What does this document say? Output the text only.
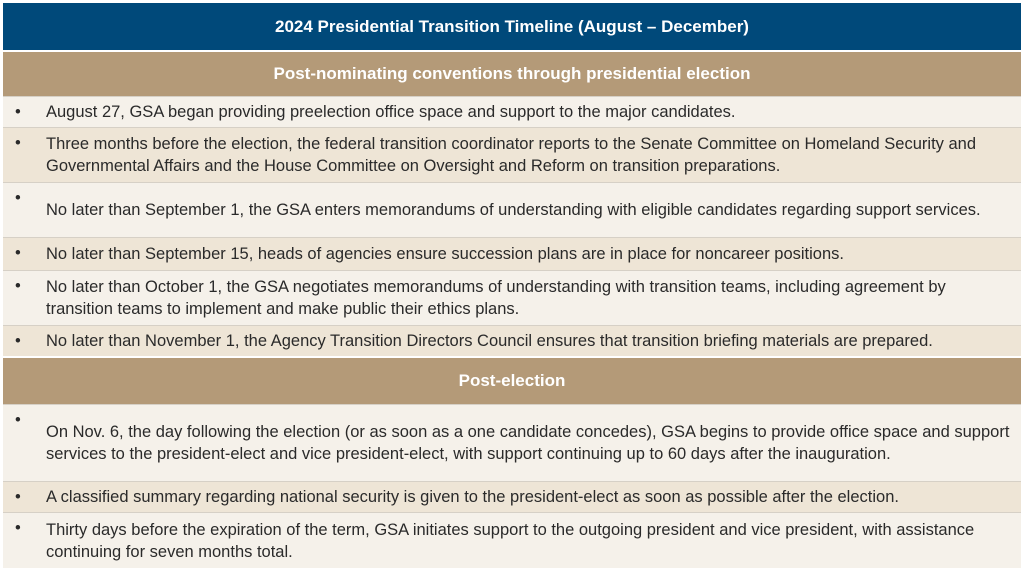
2024 Presidential Transition Timeline (August – December)
Post-nominating conventions through presidential election
•	August 27, GSA began providing preelection office space and support to the major candidates.
•	Three months before the election, the federal transition coordinator reports to the Senate Committee on Homeland Security and Governmental Affairs and the House Committee on Oversight and Reform on transition preparations.
•
No later than September 1, the GSA enters memorandums of understanding with eligible candidates regarding support services.
•	No later than September 15, heads of agencies ensure succession plans are in place for noncareer positions.
•	No later than October 1, the GSA negotiates memorandums of understanding with transition teams, including agreement by transition teams to implement and make public their ethics plans.
•	No later than November 1, the Agency Transition Directors Council ensures that transition briefing materials are prepared.
Post-election
•
On Nov. 6, the day following the election (or as soon as a one candidate concedes), GSA begins to provide office space and support services to the president-elect and vice president-elect, with support continuing up to 60 days after the inauguration.
•	A classified summary regarding national security is given to the president-elect as soon as possible after the election.
•	Thirty days before the expiration of the term, GSA initiates support to the outgoing president and vice president, with assistance continuing for seven months total.
